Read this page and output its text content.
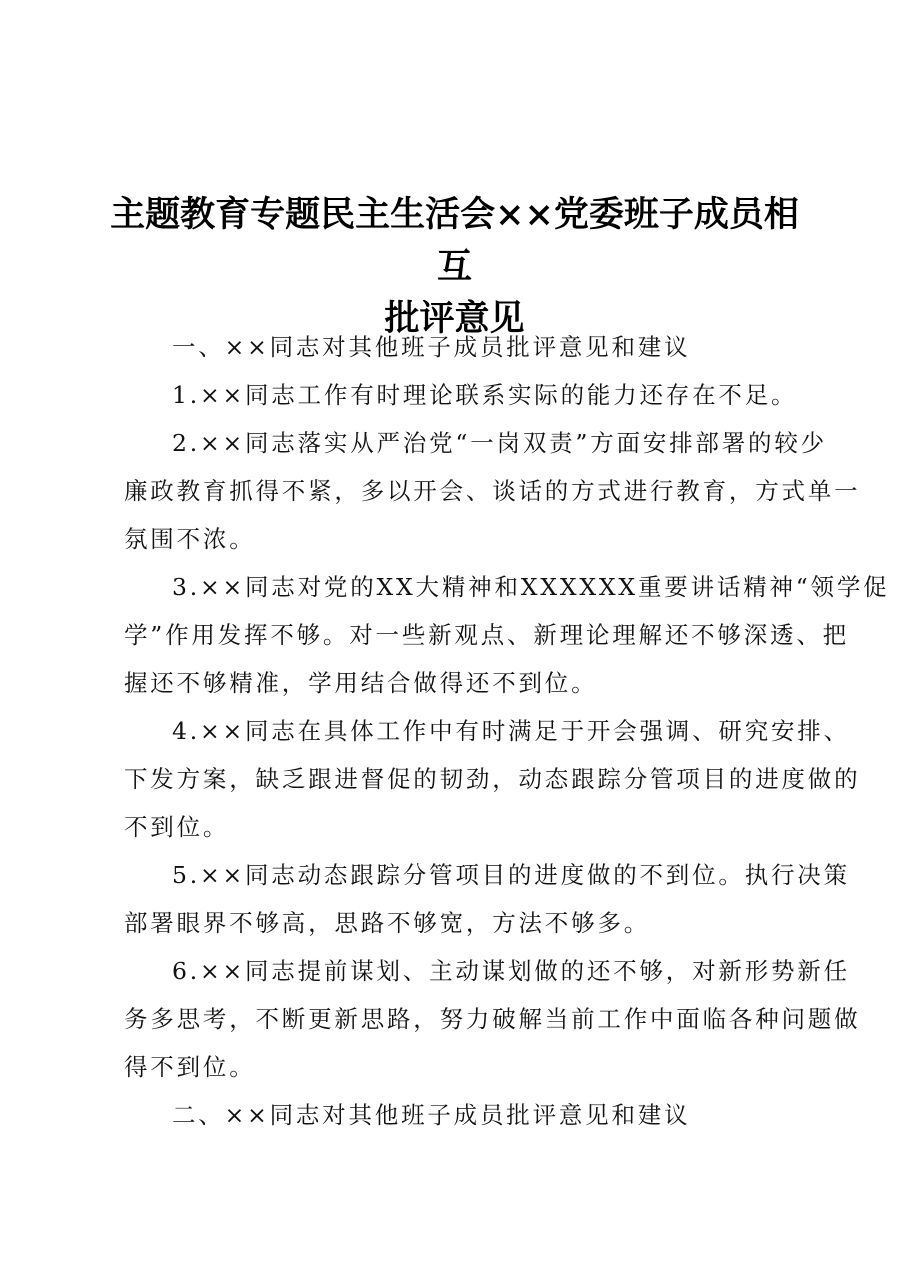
主题教育专题民主生活会××党委班子成员相互
批评意见
一、××同志对其他班子成员批评意见和建议
1.××同志工作有时理论联系实际的能力还存在不足。
2.××同志落实从严治党“一岗双责”方面安排部署的较少
廉政教育抓得不紧，多以开会、谈话的方式进行教育，方式单一
氛围不浓。
3.××同志对党的XX大精神和XXXXXX重要讲话精神“领学促
学”作用发挥不够。对一些新观点、新理论理解还不够深透、把
握还不够精准，学用结合做得还不到位。
4.××同志在具体工作中有时满足于开会强调、研究安排、
下发方案，缺乏跟进督促的韧劲，动态跟踪分管项目的进度做的
不到位。
5.××同志动态跟踪分管项目的进度做的不到位。执行决策
部署眼界不够高，思路不够宽，方法不够多。
6.××同志提前谋划、主动谋划做的还不够，对新形势新任
务多思考，不断更新思路，努力破解当前工作中面临各种问题做
得不到位。
二、××同志对其他班子成员批评意见和建议
